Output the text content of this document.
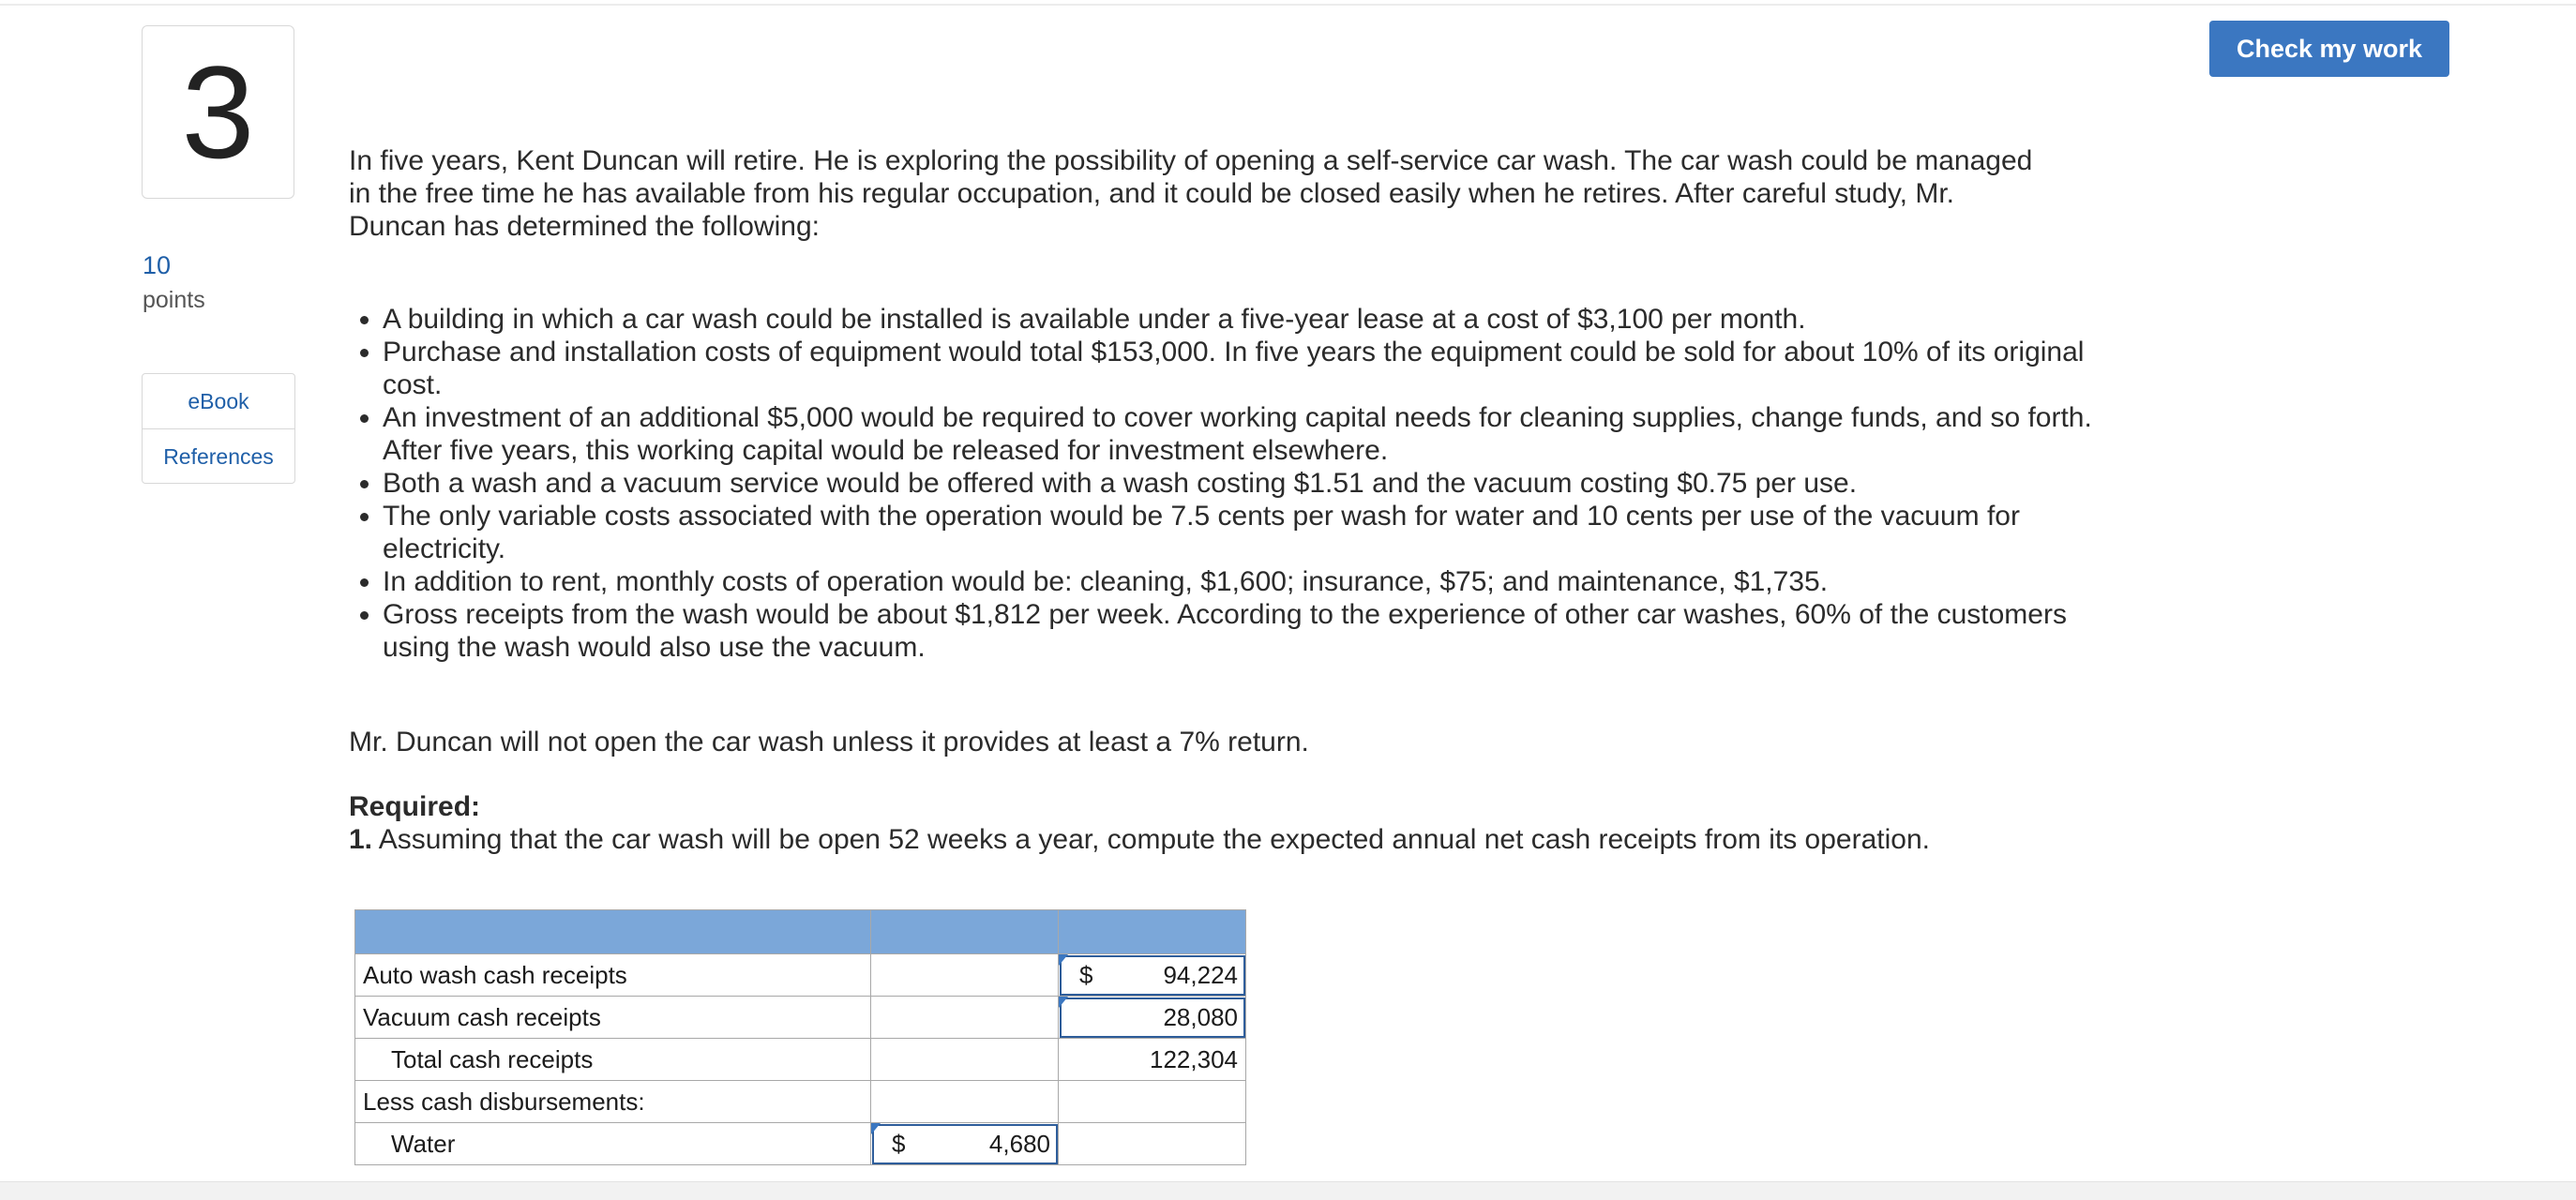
3
10
points
eBook
References
Check my work

In five years, Kent Duncan will retire. He is exploring the possibility of opening a self-service car wash. The car wash could be managed in the free time he has available from his regular occupation, and it could be closed easily when he retires. After careful study, Mr. Duncan has determined the following:

• A building in which a car wash could be installed is available under a five-year lease at a cost of $3,100 per month.
• Purchase and installation costs of equipment would total $153,000. In five years the equipment could be sold for about 10% of its original cost.
• An investment of an additional $5,000 would be required to cover working capital needs for cleaning supplies, change funds, and so forth. After five years, this working capital would be released for investment elsewhere.
• Both a wash and a vacuum service would be offered with a wash costing $1.51 and the vacuum costing $0.75 per use.
• The only variable costs associated with the operation would be 7.5 cents per wash for water and 10 cents per use of the vacuum for electricity.
• In addition to rent, monthly costs of operation would be: cleaning, $1,600; insurance, $75; and maintenance, $1,735.
• Gross receipts from the wash would be about $1,812 per week. According to the experience of other car washes, 60% of the customers using the wash would also use the vacuum.

Mr. Duncan will not open the car wash unless it provides at least a 7% return.

Required:

1. Assuming that the car wash will be open 52 weeks a year, compute the expected annual net cash receipts from its operation.

Auto wash cash receipts		$ 94,224

Vacuum cash receipts		28,080

Total cash receipts		122,304
Less cash disbursements:		
Water	$ 4,680	
